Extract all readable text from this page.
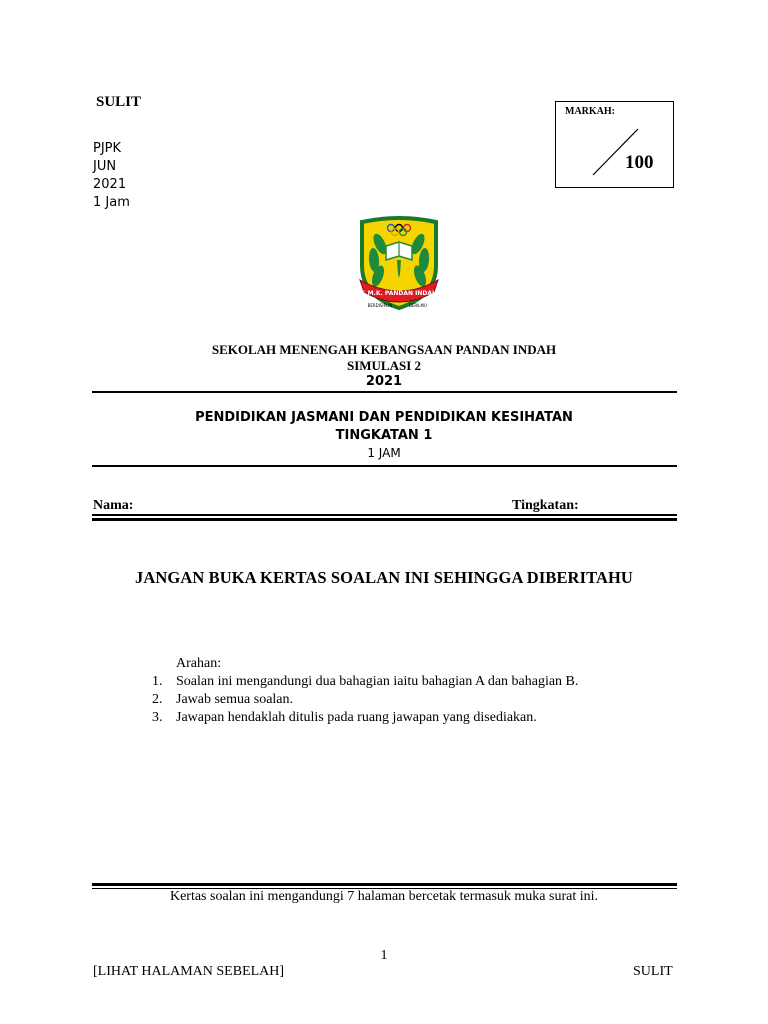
SULIT
PJPK
JUN
2021
1 Jam
MARKAH:
100
S.M.K. PANDAN INDAH
BERDISIPLIN	BERILMU
SEKOLAH MENENGAH KEBANGSAAN PANDAN INDAH
SIMULASI 2
2021
PENDIDIKAN JASMANI DAN PENDIDIKAN KESIHATAN
TINGKATAN 1
1 JAM
Nama:	Tingkatan:
JANGAN BUKA KERTAS SOALAN INI SEHINGGA DIBERITAHU
Arahan:
1. Soalan ini mengandungi dua bahagian iaitu bahagian A dan bahagian B.
2. Jawab semua soalan.
3. Jawapan hendaklah ditulis pada ruang jawapan yang disediakan.
Kertas soalan ini mengandungi 7 halaman bercetak termasuk muka surat ini.
1
[LIHAT HALAMAN SEBELAH]	SULIT
